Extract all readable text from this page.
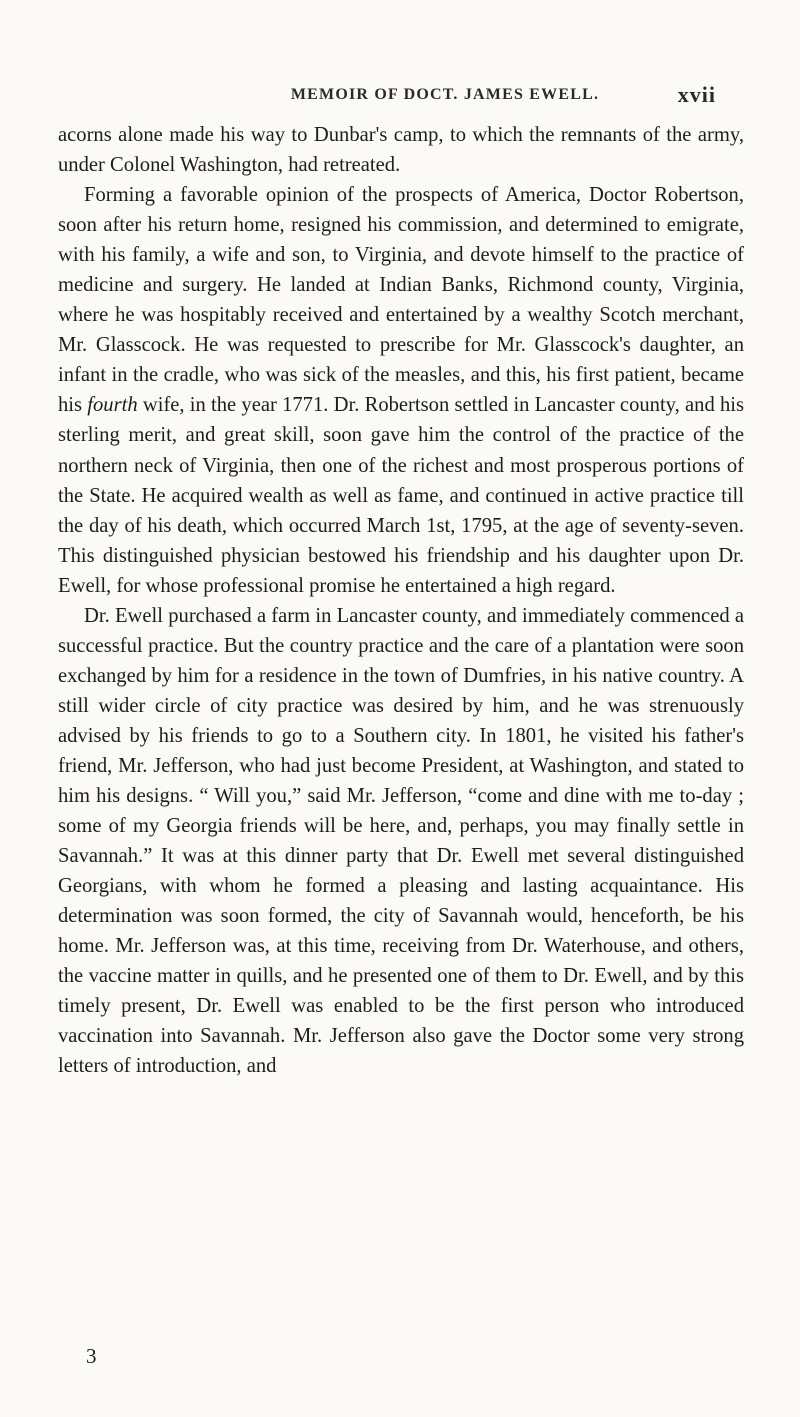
MEMOIR OF DOCT. JAMES EWELL.	xvii

acorns alone made his way to Dunbar's camp, to which the remnants of the army, under Colonel Washington, had retreated.

Forming a favorable opinion of the prospects of America, Doctor Robertson, soon after his return home, resigned his commission, and determined to emigrate, with his family, a wife and son, to Virginia, and devote himself to the practice of medicine and surgery. He landed at Indian Banks, Richmond county, Virginia, where he was hospitably received and entertained by a wealthy Scotch merchant, Mr. Glasscock. He was requested to prescribe for Mr. Glasscock's daughter, an infant in the cradle, who was sick of the measles, and this, his first patient, became his fourth wife, in the year 1771. Dr. Robertson settled in Lancaster county, and his sterling merit, and great skill, soon gave him the control of the practice of the northern neck of Virginia, then one of the richest and most prosperous portions of the State. He acquired wealth as well as fame, and continued in active practice till the day of his death, which occurred March 1st, 1795, at the age of seventy-seven. This distinguished physician bestowed his friendship and his daughter upon Dr. Ewell, for whose professional promise he entertained a high regard.

Dr. Ewell purchased a farm in Lancaster county, and immediately commenced a successful practice. But the country practice and the care of a plantation were soon exchanged by him for a residence in the town of Dumfries, in his native country. A still wider circle of city practice was desired by him, and he was strenuously advised by his friends to go to a Southern city. In 1801, he visited his father's friend, Mr. Jefferson, who had just become President, at Washington, and stated to him his designs. “ Will you,” said Mr. Jefferson, “come and dine with me to-day ; some of my Georgia friends will be here, and, perhaps, you may finally settle in Savannah.” It was at this dinner party that Dr. Ewell met several distinguished Georgians, with whom he formed a pleasing and lasting acquaintance. His determination was soon formed, the city of Savannah would, henceforth, be his home. Mr. Jefferson was, at this time, receiving from Dr. Waterhouse, and others, the vaccine matter in quills, and he presented one of them to Dr. Ewell, and by this timely present, Dr. Ewell was enabled to be the first person who introduced vaccination into Savannah. Mr. Jefferson also gave the Doctor some very strong letters of introduction, and

3
